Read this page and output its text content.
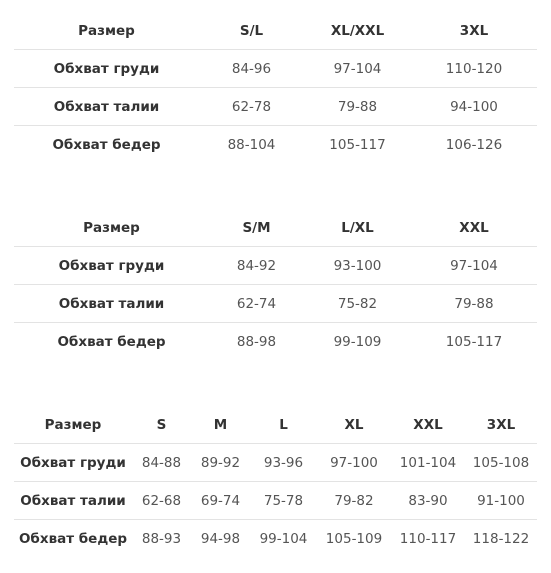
Размер	S/L	XL/XXL	3XL
Обхват груди	84-96	97-104	110-120
Обхват талии	62-78	79-88	94-100
Обхват бедер	88-104	105-117	106-126
Размер	S/M	L/XL	XXL
Обхват груди	84-92	93-100	97-104
Обхват талии	62-74	75-82	79-88
Обхват бедер	88-98	99-109	105-117
Размер	S	M	L	XL	XXL	3XL
Обхват груди	84-88	89-92	93-96	97-100	101-104	105-108
Обхват талии	62-68	69-74	75-78	79-82	83-90	91-100
Обхват бедер	88-93	94-98	99-104	105-109	110-117	118-122
